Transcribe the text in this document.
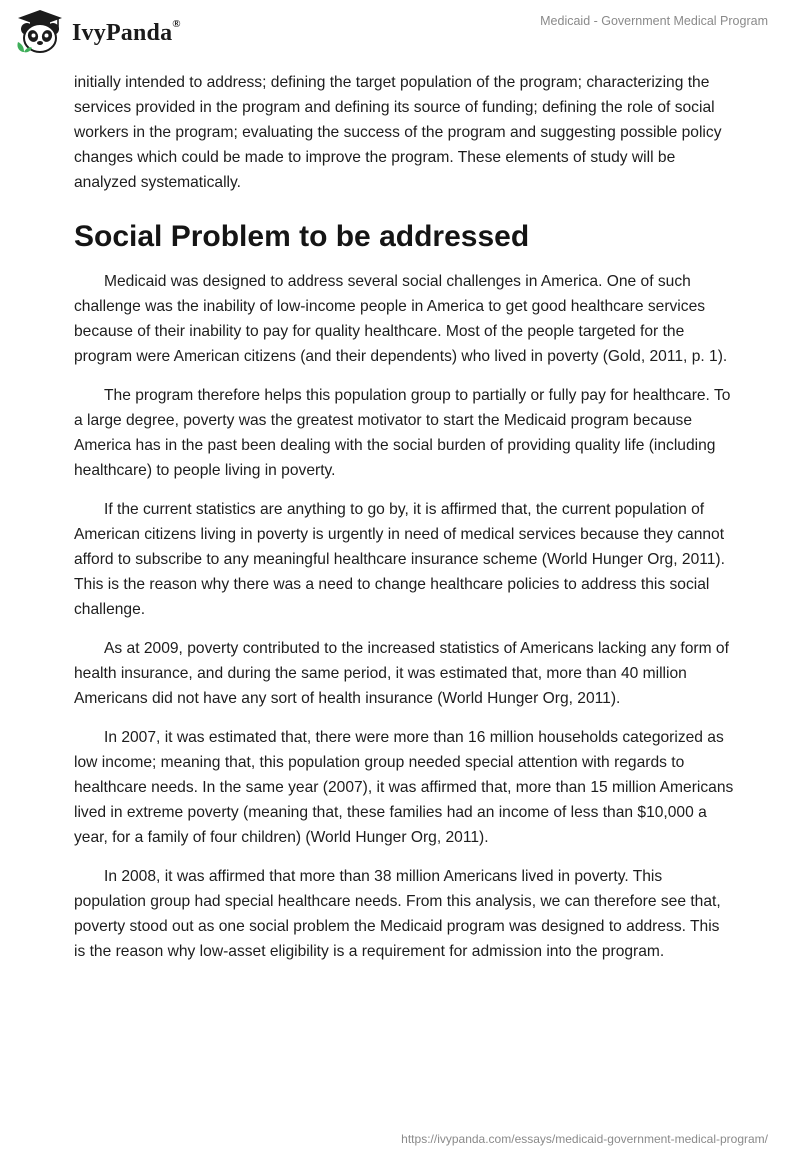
IvyPanda®	Medicaid - Government Medical Program

initially intended to address; defining the target population of the program; characterizing the services provided in the program and defining its source of funding; defining the role of social workers in the program; evaluating the success of the program and suggesting possible policy changes which could be made to improve the program. These elements of study will be analyzed systematically.

Social Problem to be addressed

Medicaid was designed to address several social challenges in America. One of such challenge was the inability of low-income people in America to get good healthcare services because of their inability to pay for quality healthcare. Most of the people targeted for the program were American citizens (and their dependents) who lived in poverty (Gold, 2011, p. 1).

The program therefore helps this population group to partially or fully pay for healthcare. To a large degree, poverty was the greatest motivator to start the Medicaid program because America has in the past been dealing with the social burden of providing quality life (including healthcare) to people living in poverty.

If the current statistics are anything to go by, it is affirmed that, the current population of American citizens living in poverty is urgently in need of medical services because they cannot afford to subscribe to any meaningful healthcare insurance scheme (World Hunger Org, 2011). This is the reason why there was a need to change healthcare policies to address this social challenge.

As at 2009, poverty contributed to the increased statistics of Americans lacking any form of health insurance, and during the same period, it was estimated that, more than 40 million Americans did not have any sort of health insurance (World Hunger Org, 2011).

In 2007, it was estimated that, there were more than 16 million households categorized as low income; meaning that, this population group needed special attention with regards to healthcare needs. In the same year (2007), it was affirmed that, more than 15 million Americans lived in extreme poverty (meaning that, these families had an income of less than $10,000 a year, for a family of four children) (World Hunger Org, 2011).

In 2008, it was affirmed that more than 38 million Americans lived in poverty. This population group had special healthcare needs. From this analysis, we can therefore see that, poverty stood out as one social problem the Medicaid program was designed to address. This is the reason why low-asset eligibility is a requirement for admission into the program.

https://ivypanda.com/essays/medicaid-government-medical-program/
